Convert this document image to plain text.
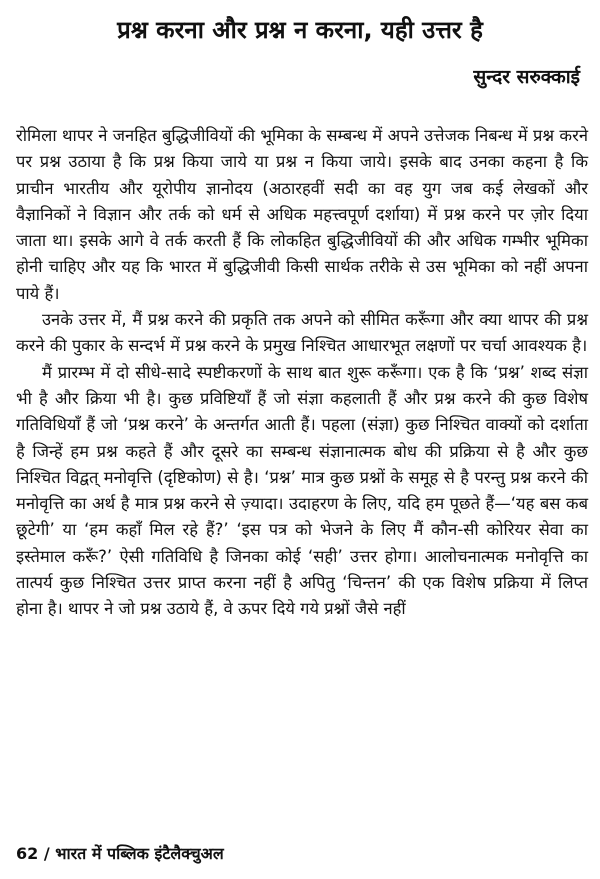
प्रश्न करना और प्रश्न न करना, यही उत्तर है
सुन्दर सरुक्काई

रोमिला थापर ने जनहित बुद्धिजीवियों की भूमिका के सम्बन्ध में अपने उत्तेजक निबन्ध में प्रश्न करने पर प्रश्न उठाया है कि प्रश्न किया जाये या प्रश्न न किया जाये। इसके बाद उनका कहना है कि प्राचीन भारतीय और यूरोपीय ज्ञानोदय (अठारहवीं सदी का वह युग जब कई लेखकों और वैज्ञानिकों ने विज्ञान और तर्क को धर्म से अधिक महत्त्वपूर्ण दर्शाया) में प्रश्न करने पर ज़ोर दिया जाता था। इसके आगे वे तर्क करती हैं कि लोकहित बुद्धिजीवियों की और अधिक गम्भीर भूमिका होनी चाहिए और यह कि भारत में बुद्धिजीवी किसी सार्थक तरीके से उस भूमिका को नहीं अपना पाये हैं।

उनके उत्तर में, मैं प्रश्न करने की प्रकृति तक अपने को सीमित करूँगा और क्या थापर की प्रश्न करने की पुकार के सन्दर्भ में प्रश्न करने के प्रमुख निश्चित आधारभूत लक्षणों पर चर्चा आवश्यक है।

मैं प्रारम्भ में दो सीधे-सादे स्पष्टीकरणों के साथ बात शुरू करूँगा। एक है कि ‘प्रश्न’ शब्द संज्ञा भी है और क्रिया भी है। कुछ प्रविष्टियाँ हैं जो संज्ञा कहलाती हैं और प्रश्न करने की कुछ विशेष गतिविधियाँ हैं जो ‘प्रश्न करने’ के अन्तर्गत आती हैं। पहला (संज्ञा) कुछ निश्चित वाक्यों को दर्शाता है जिन्हें हम प्रश्न कहते हैं और दूसरे का सम्बन्ध संज्ञानात्मक बोध की प्रक्रिया से है और कुछ निश्चित विद्वत् मनोवृत्ति (दृष्टिकोण) से है। ‘प्रश्न’ मात्र कुछ प्रश्नों के समूह से है परन्तु प्रश्न करने की मनोवृत्ति का अर्थ है मात्र प्रश्न करने से ज़्यादा। उदाहरण के लिए, यदि हम पूछते हैं—‘यह बस कब छूटेगी’ या ‘हम कहाँ मिल रहे हैं?’ ‘इस पत्र को भेजने के लिए मैं कौन-सी कोरियर सेवा का इस्तेमाल करूँ?’ ऐसी गतिविधि है जिनका कोई ‘सही’ उत्तर होगा। आलोचनात्मक मनोवृत्ति का तात्पर्य कुछ निश्चित उत्तर प्राप्त करना नहीं है अपितु ‘चिन्तन’ की एक विशेष प्रक्रिया में लिप्त होना है। थापर ने जो प्रश्न उठाये हैं, वे ऊपर दिये गये प्रश्नों जैसे नहीं

62 / भारत में पब्लिक इंटैलैक्चुअल
